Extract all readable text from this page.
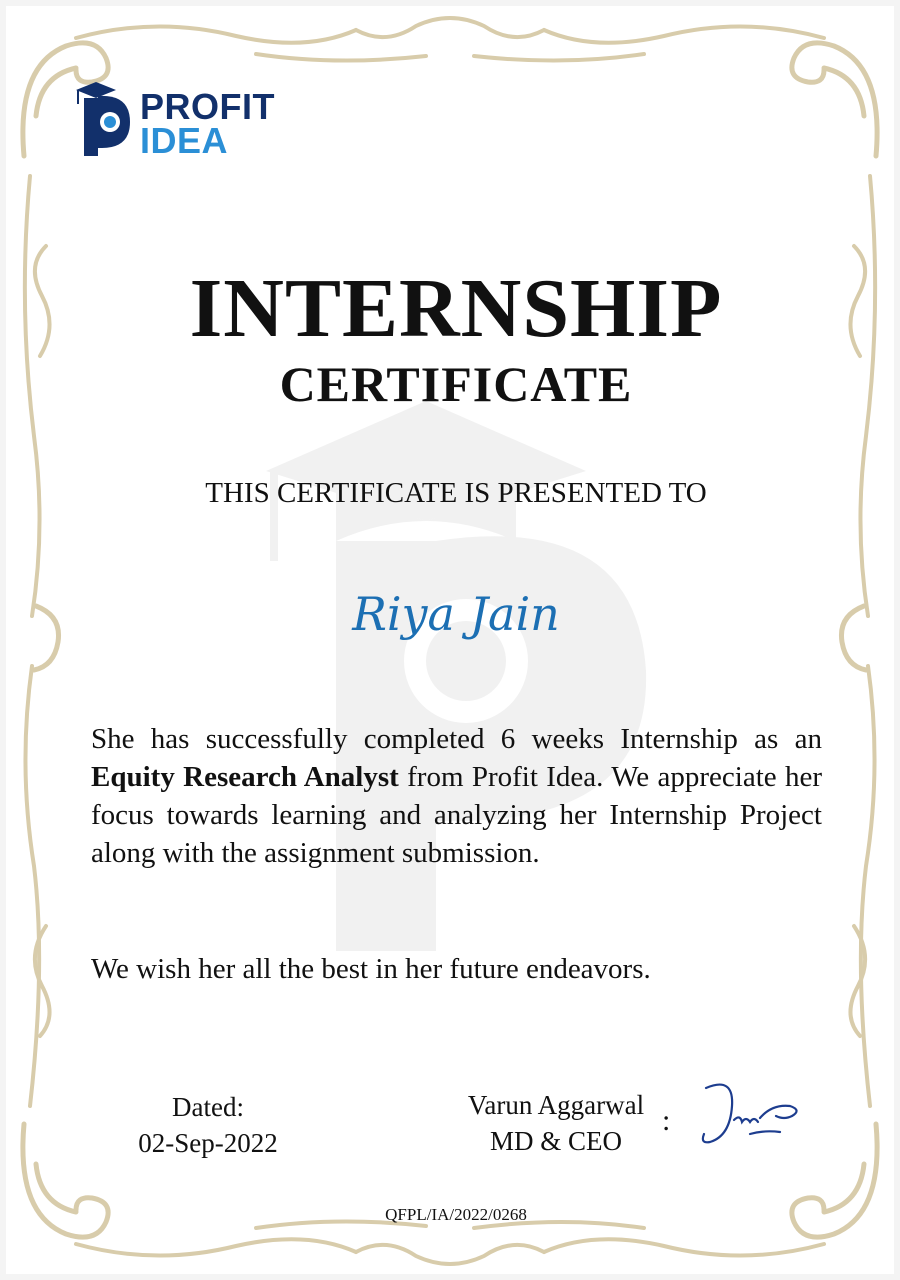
PROFIT
IDEA
INTERNSHIP
CERTIFICATE
THIS CERTIFICATE IS PRESENTED TO
Riya Jain
She has successfully completed 6 weeks Internship as an Equity Research Analyst from Profit Idea. We appreciate her focus towards learning and analyzing her Internship Project along with the assignment submission.
We wish her all the best in her future endeavors.
Dated:
02-Sep-2022
Varun Aggarwal
MD & CEO
:
QFPL/IA/2022/0268
